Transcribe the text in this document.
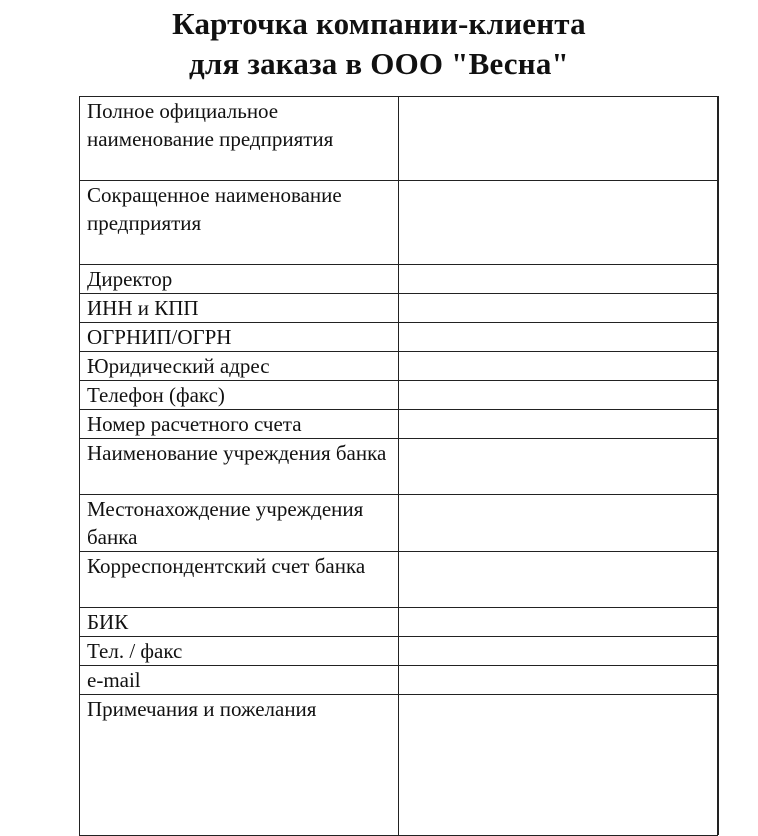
Карточка компании-клиента
для заказа в ООО "Весна"
Полное официальное
наименование предприятия	
Сокращенное наименование предприятия	
Директор	
ИНН и КПП	
ОГРНИП/ОГРН	
Юридический адрес	
Телефон (факс)	
Номер расчетного счета	
Наименование учреждения банка	
Местонахождение учреждения банка	
Корреспондентский счет банка	
БИК	
Тел. / факс	
e-mail	
Примечания и пожелания	
